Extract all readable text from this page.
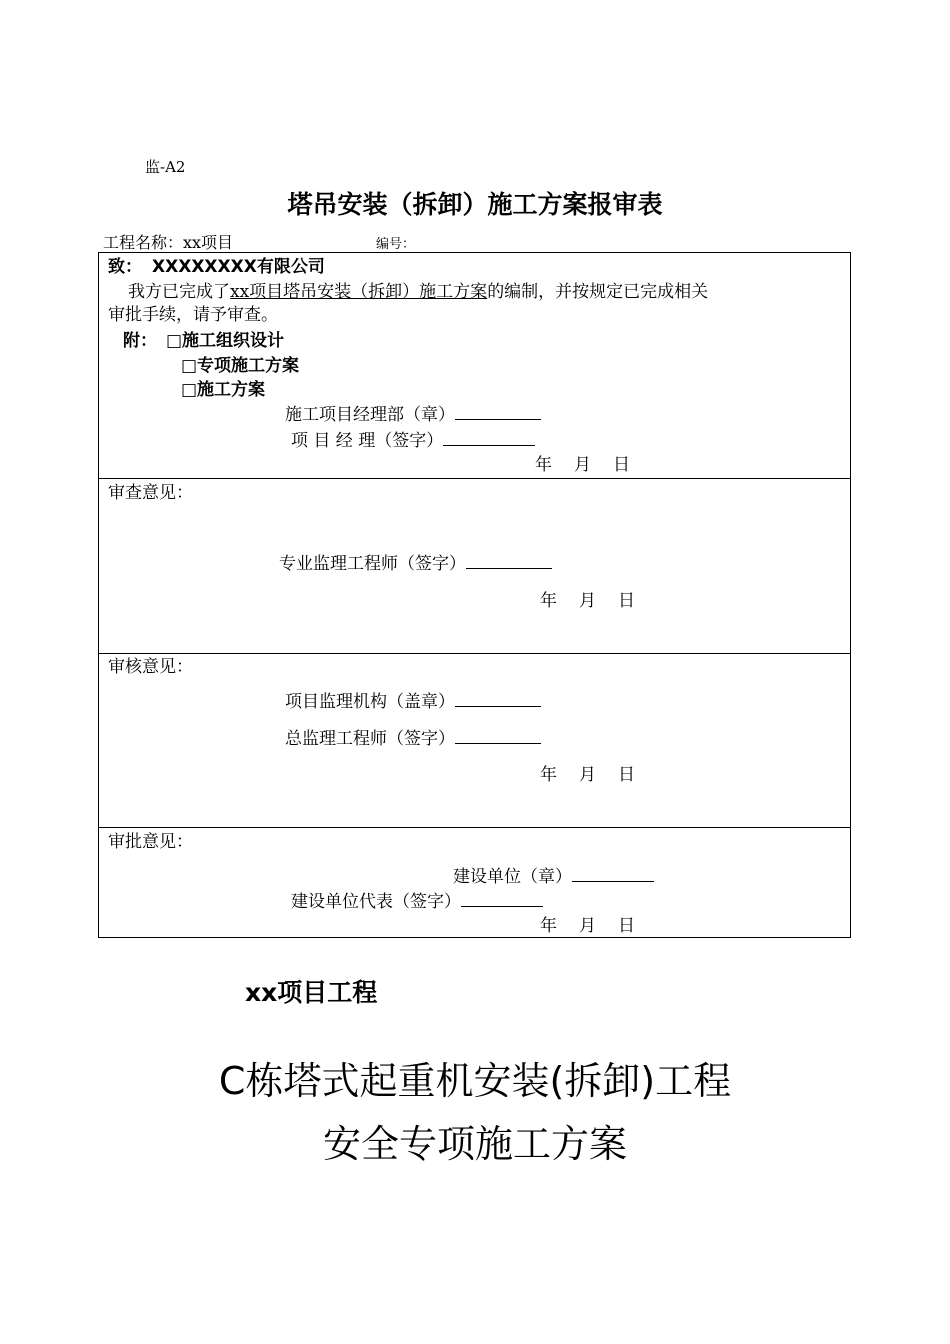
监-A2
塔吊安装（拆卸）施工方案报审表
工程名称：xx项目	编号：
致： XXXXXXXX有限公司
我方已完成了xx项目塔吊安装（拆卸）施工方案的编制，并按规定已完成相关
审批手续，请予审查。
附： □施工组织设计
□专项施工方案
□施工方案
施工项目经理部（章）
项 目 经 理（签字）
年 月 日
审查意见：
专业监理工程师（签字）
年 月 日
审核意见：
项目监理机构（盖章）
总监理工程师（签字）
年 月 日
审批意见：
建设单位（章）
建设单位代表（签字）
年 月 日
xx项目工程
C栋塔式起重机安装(拆卸)工程
安全专项施工方案
